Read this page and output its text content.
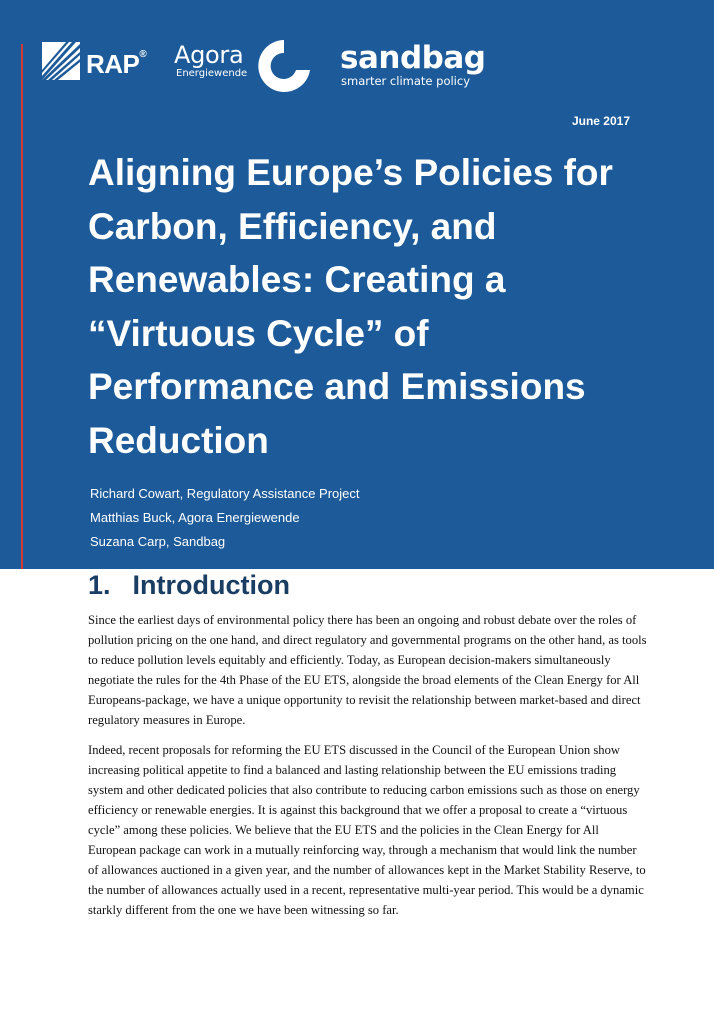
RAP® Agora
Energiewende	sandbag
smarter climate policy
June 2017
Aligning Europe’s Policies for Carbon, Efficiency, and Renewables: Creating a “Virtuous Cycle” of Performance and Emissions Reduction
Richard Cowart, Regulatory Assistance Project
Matthias Buck, Agora Energiewende
Suzana Carp, Sandbag
1. Introduction

Since the earliest days of environmental policy there has been an ongoing and robust debate over the roles of pollution pricing on the one hand, and direct regulatory and governmental programs on the other hand, as tools to reduce pollution levels equitably and efficiently. Today, as European decision-makers simultaneously negotiate the rules for the 4th Phase of the EU ETS, alongside the broad elements of the Clean Energy for All Europeans-package, we have a unique opportunity to revisit the relationship between market-based and direct regulatory measures in Europe.

Indeed, recent proposals for reforming the EU ETS discussed in the Council of the European Union show increasing political appetite to find a balanced and lasting relationship between the EU emissions trading system and other dedicated policies that also contribute to reducing carbon emissions such as those on energy efficiency or renewable energies. It is against this background that we offer a proposal to create a “virtuous cycle” among these policies. We believe that the EU ETS and the policies in the Clean Energy for All European package can work in a mutually reinforcing way, through a mechanism that would link the number of allowances auctioned in a given year, and the number of allowances kept in the Market Stability Reserve, to the number of allowances actually used in a recent, representative multi-year period. This would be a dynamic starkly different from the one we have been witnessing so far.
